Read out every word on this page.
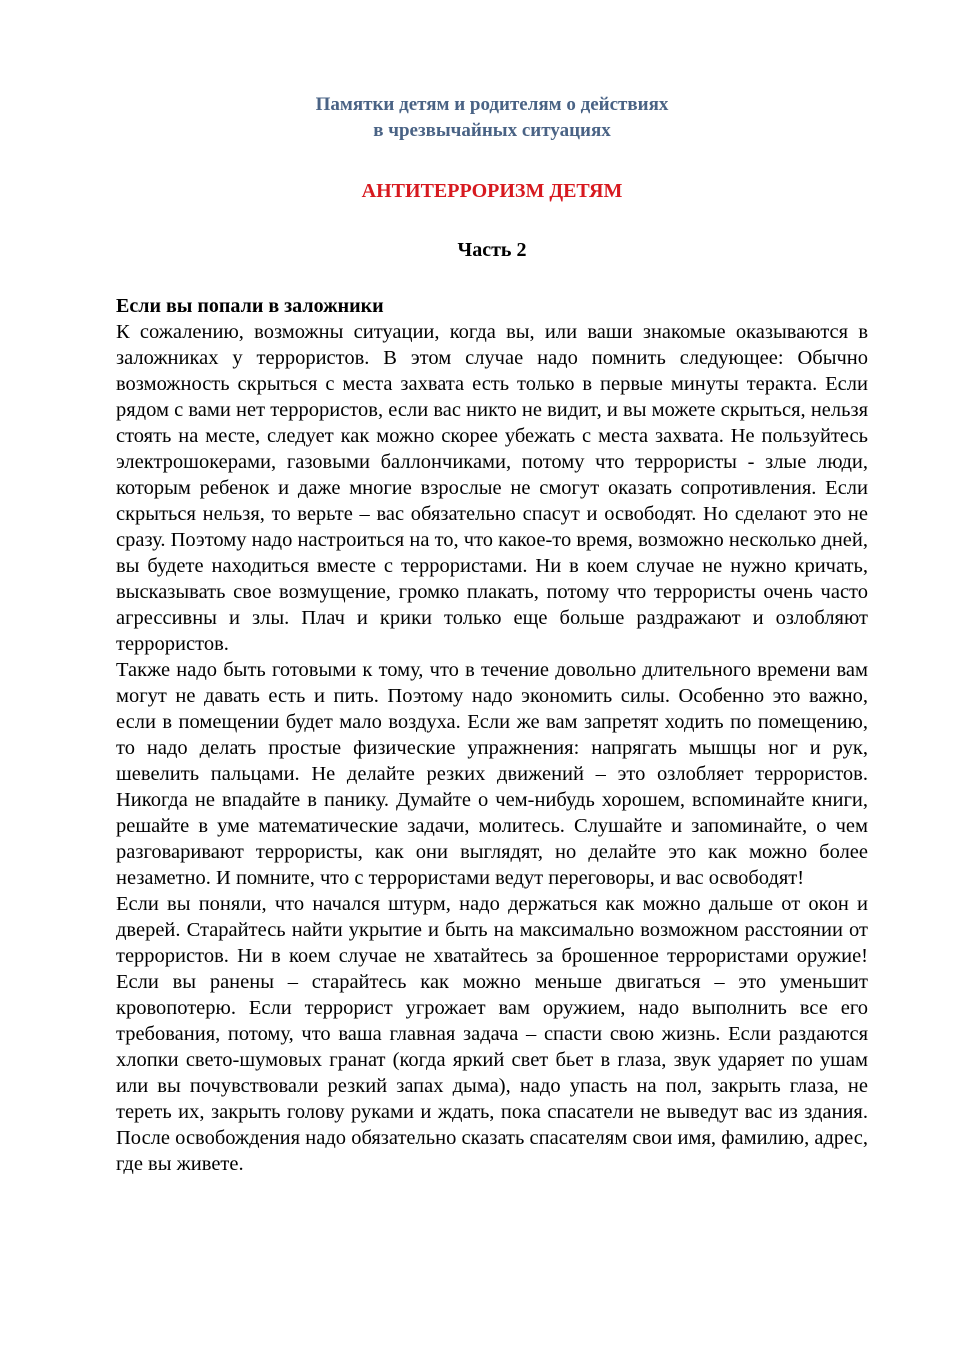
Памятки детям и родителям о действиях
в чрезвычайных ситуациях
АНТИТЕРРОРИЗМ ДЕТЯМ
Часть 2
Если вы попали в заложники

К сожалению, возможны ситуации, когда вы, или ваши знакомые оказываются в заложниках у террористов. В этом случае надо помнить следующее: Обычно возможность скрыться с места захвата есть только в первые минуты теракта. Если рядом с вами нет террористов, если вас никто не видит, и вы можете скрыться, нельзя стоять на месте, следует как можно скорее убежать с места захвата. Не пользуйтесь электрошокерами, газовыми баллончиками, потому что террористы - злые люди, которым ребенок и даже многие взрослые не смогут оказать сопротивления. Если скрыться нельзя, то верьте – вас обязательно спасут и освободят. Но сделают это не сразу. Поэтому надо настроиться на то, что какое-то время, возможно несколько дней, вы будете находиться вместе с террористами. Ни в коем случае не нужно кричать, высказывать свое возмущение, громко плакать, потому что террористы очень часто агрессивны и злы. Плач и крики только еще больше раздражают и озлобляют террористов.

Также надо быть готовыми к тому, что в течение довольно длительного времени вам могут не давать есть и пить. Поэтому надо экономить силы. Особенно это важно, если в помещении будет мало воздуха. Если же вам запретят ходить по помещению, то надо делать простые физические упражнения: напрягать мышцы ног и рук, шевелить пальцами. Не делайте резких движений – это озлобляет террористов. Никогда не впадайте в панику. Думайте о чем-нибудь хорошем, вспоминайте книги, решайте в уме математические задачи, молитесь. Слушайте и запоминайте, о чем разговаривают террористы, как они выглядят, но делайте это как можно более незаметно. И помните, что с террористами ведут переговоры, и вас освободят!

Если вы поняли, что начался штурм, надо держаться как можно дальше от окон и дверей. Старайтесь найти укрытие и быть на максимально возможном расстоянии от террористов. Ни в коем случае не хватайтесь за брошенное террористами оружие! Если вы ранены – старайтесь как можно меньше двигаться – это уменьшит кровопотерю. Если террорист угрожает вам оружием, надо выполнить все его требования, потому, что ваша главная задача – спасти свою жизнь. Если раздаются хлопки свето-шумовых гранат (когда яркий свет бьет в глаза, звук ударяет по ушам или вы почувствовали резкий запах дыма), надо упасть на пол, закрыть глаза, не тереть их, закрыть голову руками и ждать, пока спасатели не выведут вас из здания. После освобождения надо обязательно сказать спасателям свои имя, фамилию, адрес, где вы живете.
